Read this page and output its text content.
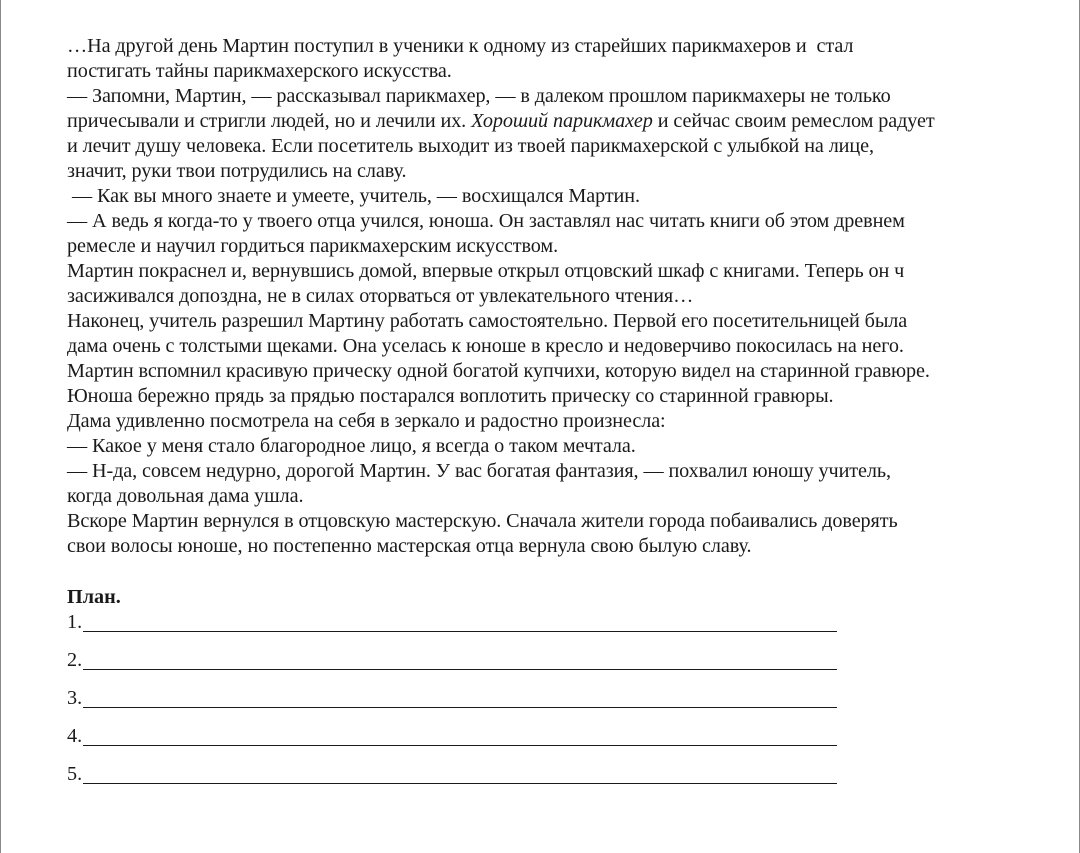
…На другой день Мартин поступил в ученики к одному из старейших парикмахеров и  стал
постигать тайны парикмахерского искусства.
— Запомни, Мартин, — рассказывал парикмахер, — в далеком прошлом парикмахеры не только
причесывали и стригли людей, но и лечили их. Хороший парикмахер и сейчас своим ремеслом радует
и лечит душу человека. Если посетитель выходит из твоей парикмахерской с улыбкой на лице,
значит, руки твои потрудились на славу.
— Как вы много знаете и умеете, учитель, — восхищался Мартин.
— А ведь я когда-то у твоего отца учился, юноша. Он заставлял нас читать книги об этом древнем
ремесле и научил гордиться парикмахерским искусством.
Мартин покраснел и, вернувшись домой, впервые открыл отцовский шкаф с книгами. Теперь он ч
засиживался допоздна, не в силах оторваться от увлекательного чтения…
Наконец, учитель разрешил Мартину работать самостоятельно. Первой его посетительницей была
дама очень с толстыми щеками. Она уселась к юноше в кресло и недоверчиво покосилась на него.
Мартин вспомнил красивую прическу одной богатой купчихи, которую видел на старинной гравюре.
Юноша бережно прядь за прядью постарался воплотить прическу со старинной гравюры.
Дама удивленно посмотрела на себя в зеркало и радостно произнесла:
— Какое у меня стало благородное лицо, я всегда о таком мечтала.
— Н-да, совсем недурно, дорогой Мартин. У вас богатая фантазия, — похвалил юношу учитель,
когда довольная дама ушла.
Вскоре Мартин вернулся в отцовскую мастерскую. Сначала жители города побаивались доверять
свои волосы юноше, но постепенно мастерская отца вернула свою былую славу.
План.
1.
2.
3.
4.
5.
